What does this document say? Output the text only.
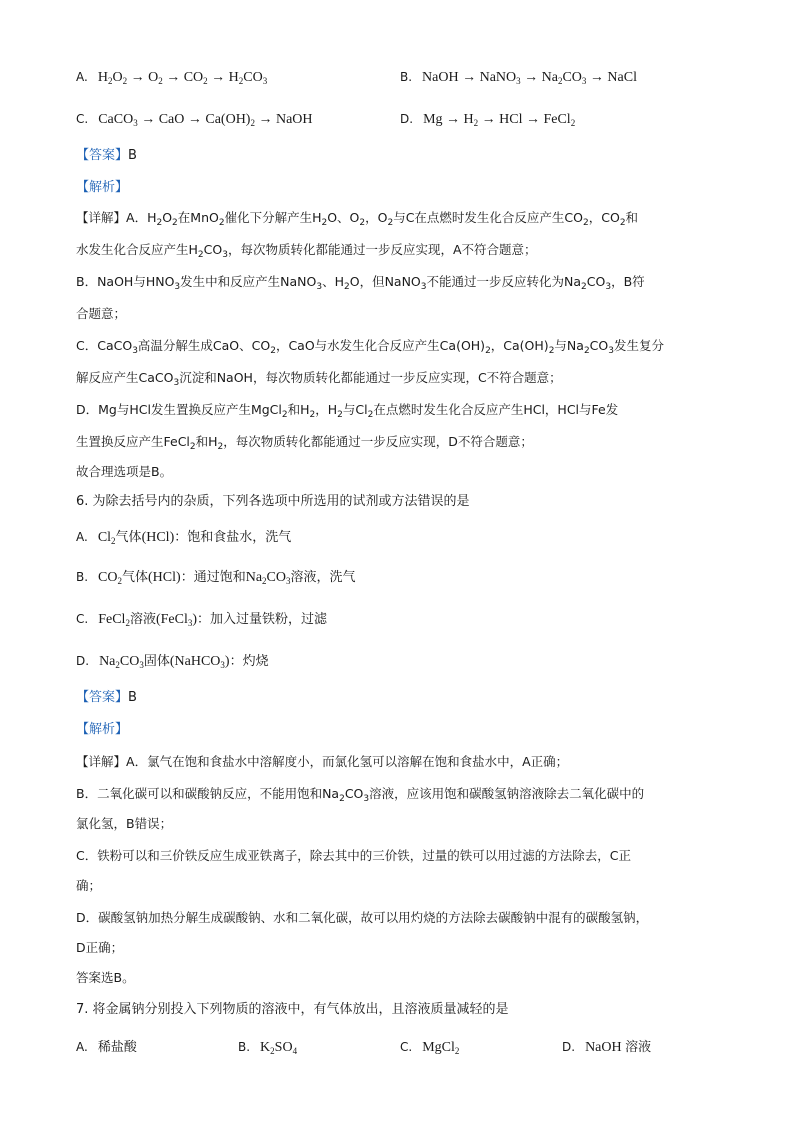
A. $H_2O_2 \to O_2 \to CO_2 \to H_2CO_3$	B. NaOH → NaNO$_3$ → $Na_2CO_3$ → NaCl
C. CaCO$_3$ → CaO → $Ca(OH)_2$ → NaOH	D. $Mg \to H_2$ → HCl → FeCl$_2$
【答案】B
【解析】
【详解】A．$H_2O_2$在MnO$_2$催化下分解产生$H_2O$、$O_2$，$O_2$与C在点燃时发生化合反应产生$CO_2$，$CO_2$和
水发生化合反应产生$H_2CO_3$，每次物质转化都能通过一步反应实现，A不符合题意；
B．NaOH与$HNO_3$发生中和反应产生NaNO$_3$、$H_2O$，但NaNO$_3$不能通过一步反应转化为$Na_2CO_3$，B符
合题意；
C．CaCO$_3$高温分解生成CaO、$CO_2$，CaO与水发生化合反应产生$Ca(OH)_2$，$Ca(OH)_2$与$Na_2CO_3$发生复分
解反应产生CaCO$_3$沉淀和NaOH，每次物质转化都能通过一步反应实现，C不符合题意；
D．Mg与HCl发生置换反应产生MgCl$_2$和$H_2$，$H_2$与$Cl_2$在点燃时发生化合反应产生HCl，HCl与Fe发
生置换反应产生FeCl$_2$和$H_2$，每次物质转化都能通过一步反应实现，D不符合题意；
故合理选项是B。
6. 为除去括号内的杂质，下列各选项中所选用的试剂或方法错误的是
A. $Cl_2$气体(HCl)：饱和食盐水，洗气
B. $CO_2$气体(HCl)：通过饱和$Na_2CO_3$溶液，洗气
C. FeCl$_2$溶液(FeCl$_3$)：加入过量铁粉，过滤
D. $Na_2CO_3$固体(NaHCO$_3$)：灼烧
【答案】B
【解析】
【详解】A．氯气在饱和食盐水中溶解度小，而氯化氢可以溶解在饱和食盐水中，A正确；
B．二氧化碳可以和碳酸钠反应，不能用饱和$Na_2CO_3$溶液，应该用饱和碳酸氢钠溶液除去二氧化碳中的
氯化氢，B错误；
C．铁粉可以和三价铁反应生成亚铁离子，除去其中的三价铁，过量的铁可以用过滤的方法除去，C正
确；
D．碳酸氢钠加热分解生成碳酸钠、水和二氧化碳，故可以用灼烧的方法除去碳酸钠中混有的碳酸氢钠，
D正确；
答案选B。
7. 将金属钠分别投入下列物质的溶液中，有气体放出，且溶液质量减轻的是
A. 稀盐酸	B. $K_2SO_4$	C. MgCl$_2$	D. NaOH 溶液
